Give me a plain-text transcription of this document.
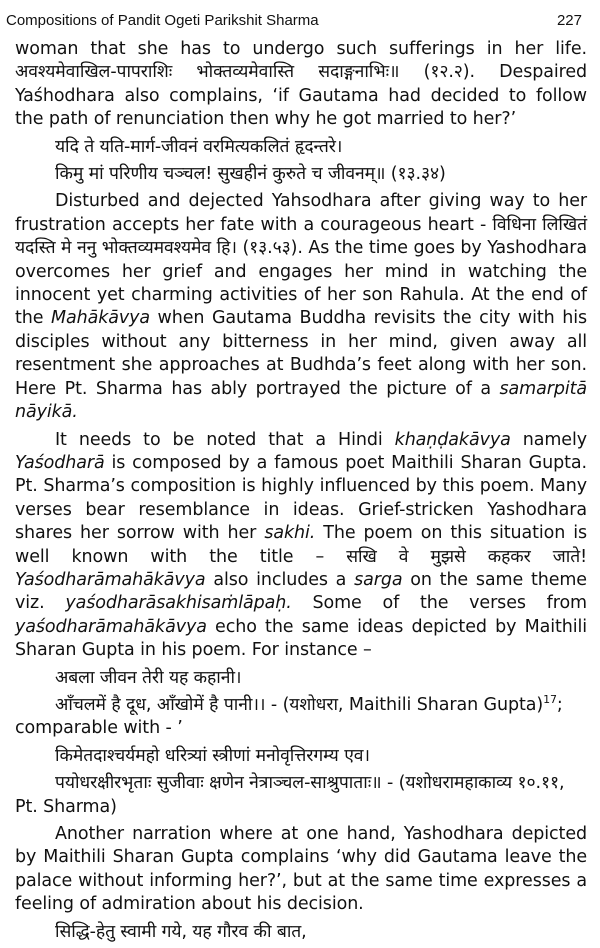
Compositions of Pandit Ogeti Parikshit Sharma	227

woman that she has to undergo such sufferings in her life. अवश्यमेवाखिल-पापराशिः भोक्तव्यमेवास्ति सदाङ्गनाभिः॥ (१२.२). Despaired Yaśhodhara also complains, ‘if Gautama had decided to follow the path of renunciation then why he got married to her?’

यदि ते यति-मार्ग-जीवनं वरमित्यकलितं हृदन्तरे।

किमु मां परिणीय चञ्चल! सुखहीनं कुरुते च जीवनम्॥ (१३.३४)

Disturbed and dejected Yahsodhara after giving way to her frustration accepts her fate with a courageous heart - विधिना लिखितं यदस्ति मे ननु भोक्तव्यमवश्यमेव हि। (१३.५३). As the time goes by Yashodhara overcomes her grief and engages her mind in watching the innocent yet charming activities of her son Rahula. At the end of the Mahākāvya when Gautama Buddha revisits the city with his disciples without any bitterness in her mind, given away all resentment she approaches at Budhda’s feet along with her son. Here Pt. Sharma has ably portrayed the picture of a samarpitā nāyikā.

It needs to be noted that a Hindi khaṇḍakāvya namely Yaśodharā is composed by a famous poet Maithili Sharan Gupta. Pt. Sharma’s composition is highly influenced by this poem. Many verses bear resemblance in ideas. Grief-stricken Yashodhara shares her sorrow with her sakhi. The poem on this situation is well known with the title – सखि वे मुझसे कहकर जाते! Yaśodharāmahākāvya also includes a sarga on the same theme viz. yaśodharāsakhisaṁlāpaḥ. Some of the verses from yaśodharāmahākāvya echo the same ideas depicted by Maithili Sharan Gupta in his poem. For instance –

अबला जीवन तेरी यह कहानी।

आँचलमें है दूध, आँखोमें है पानी।। - (यशोधरा, Maithili Sharan Gupta)$^{17}$; comparable with - ’

किमेतदाश्चर्यमहो धरित्र्यां स्त्रीणां मनोवृत्तिरगम्य एव।

पयोधरक्षीरभृताः सुजीवाः क्षणेन नेत्राञ्चल-साश्रुपाताः॥ - (यशोधरामहाकाव्य १०.११, Pt. Sharma)

Another narration where at one hand, Yashodhara depicted by Maithili Sharan Gupta complains ‘why did Gautama leave the palace without informing her?’, but at the same time expresses a feeling of admiration about his decision.

सिद्धि-हेतु स्वामी गये, यह गौरव की बात,
